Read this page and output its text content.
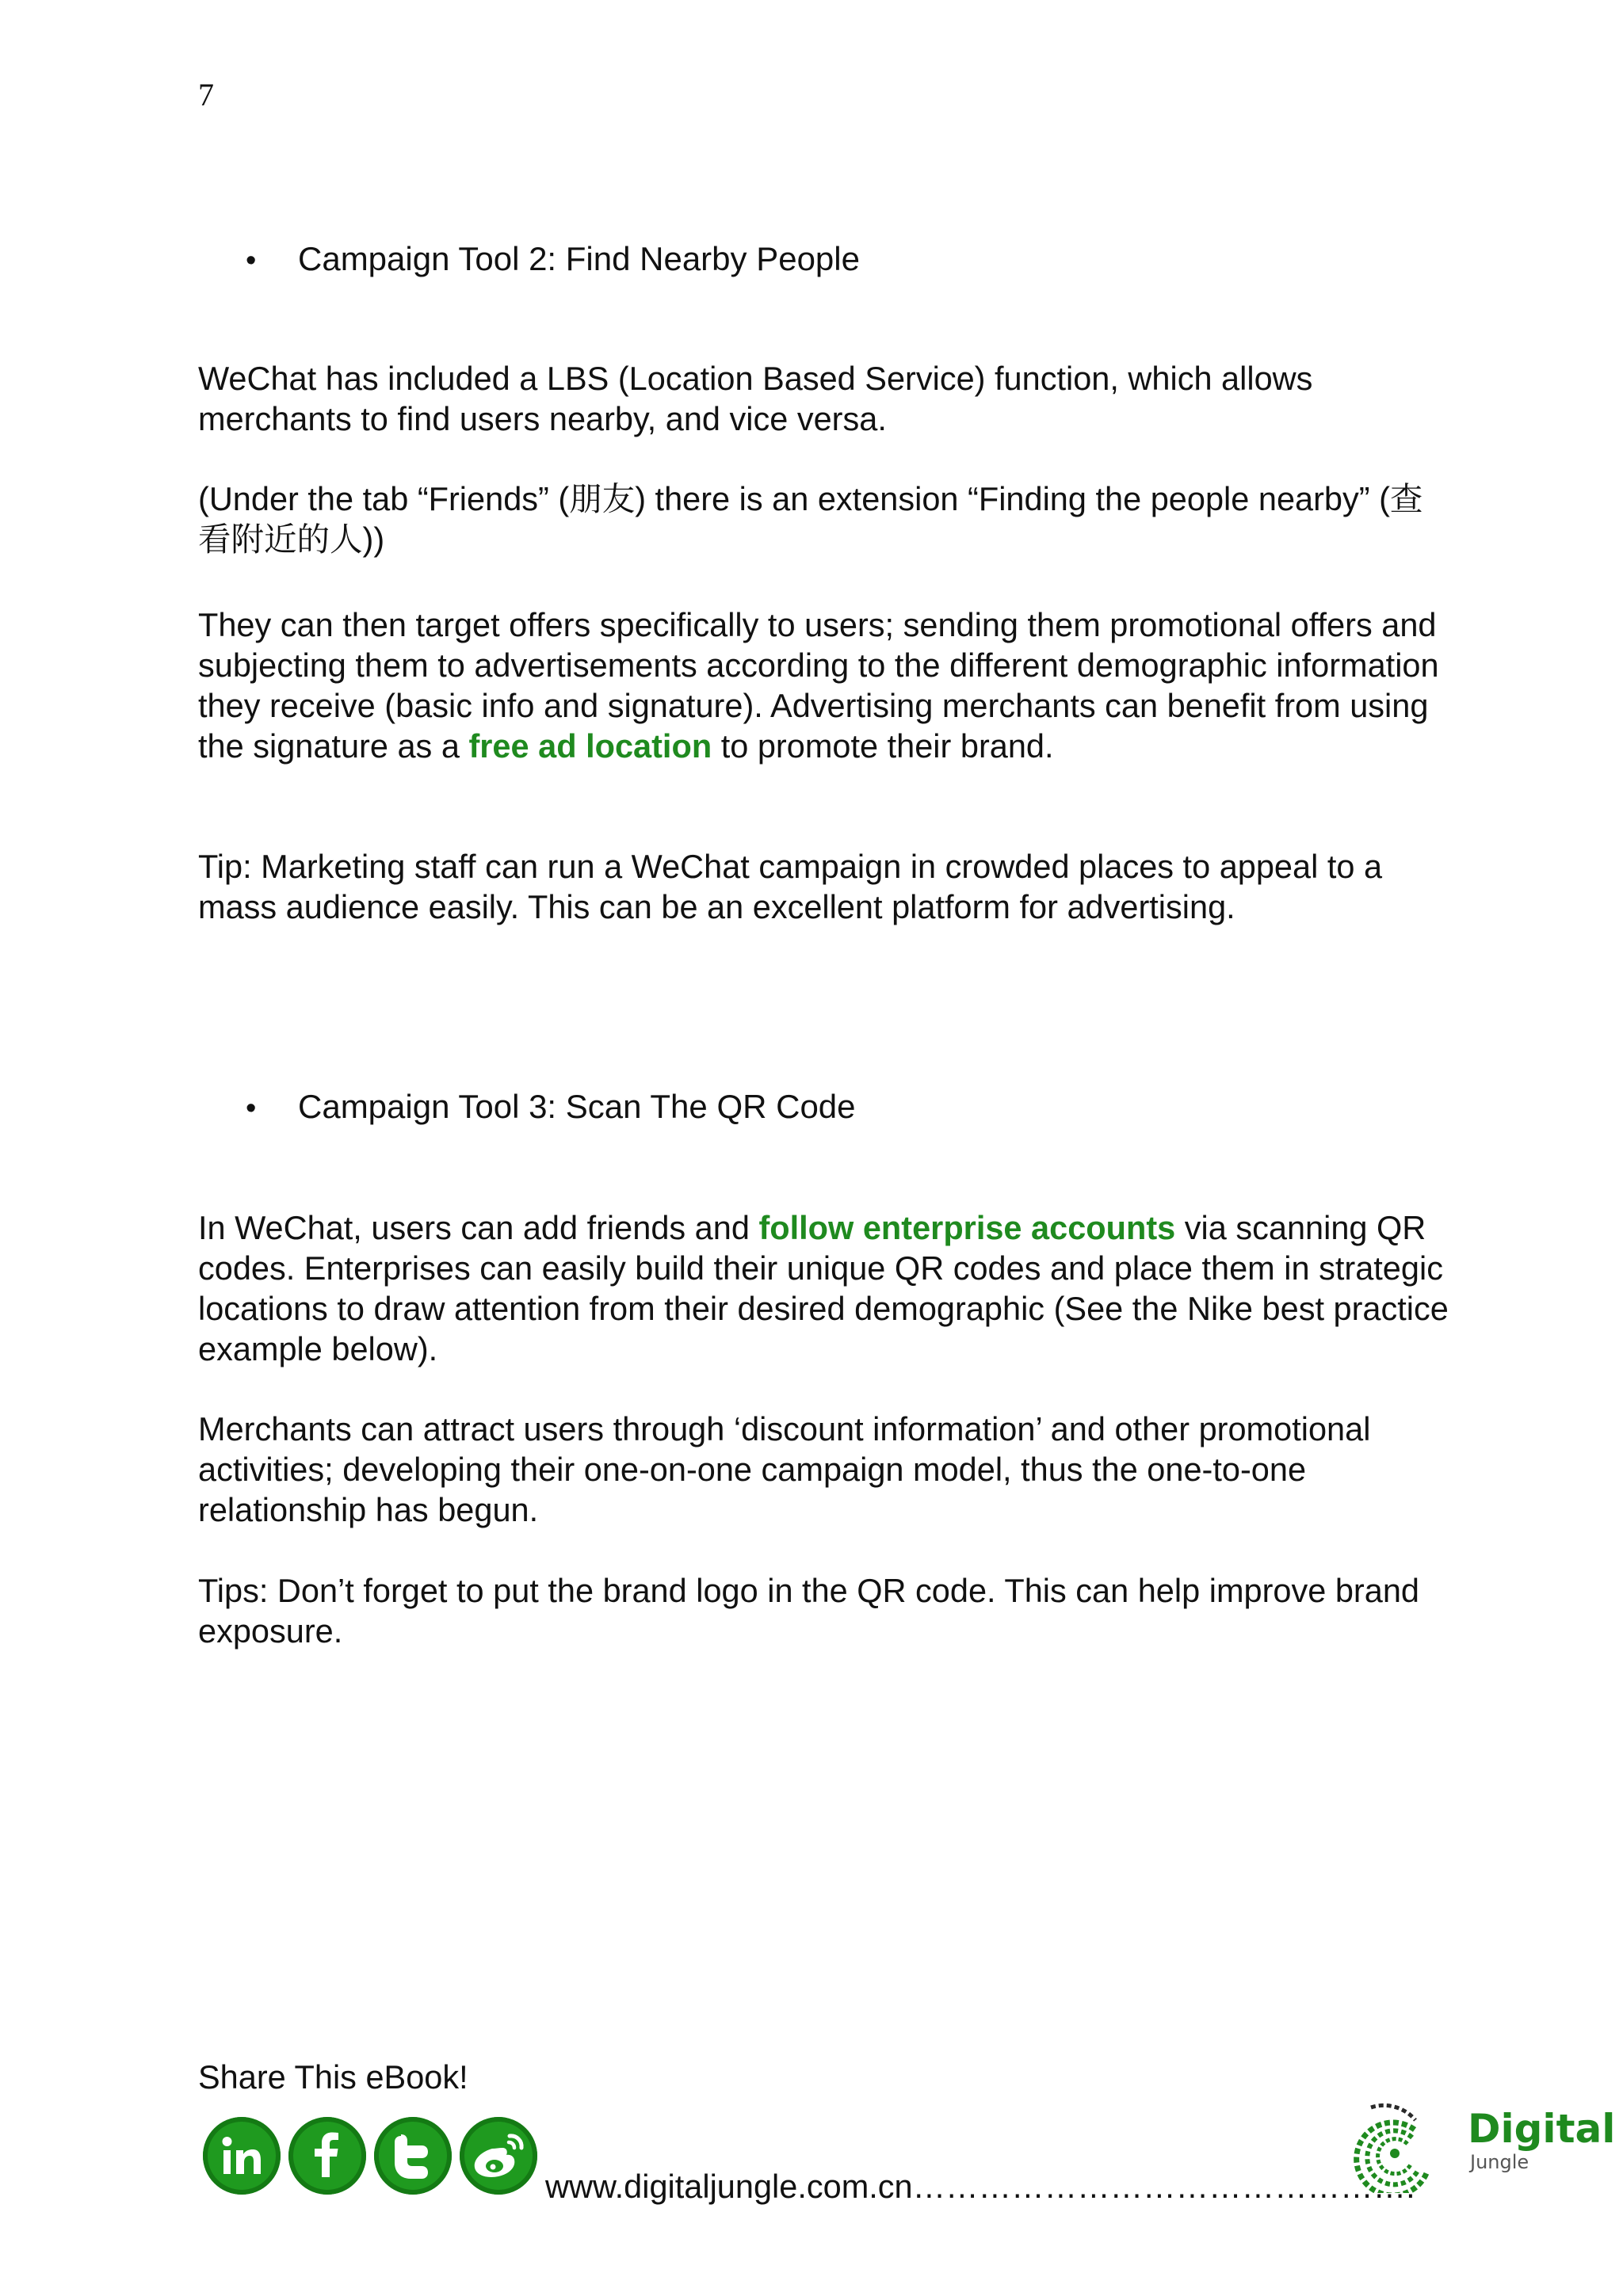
7
•	Campaign Tool 2: Find Nearby People

WeChat has included a LBS (Location Based Service) function, which allows merchants to find users nearby, and vice versa.

(Under the tab “Friends” (朋友) there is an extension “Finding the people nearby” (查看附近的人))

They can then target offers specifically to users; sending them promotional offers and subjecting them to advertisements according to the different demographic information they receive (basic info and signature). Advertising merchants can benefit from using the signature as a free ad location to promote their brand.

Tip: Marketing staff can run a WeChat campaign in crowded places to appeal to a mass audience easily. This can be an excellent platform for advertising.

•	Campaign Tool 3: Scan The QR Code

In WeChat, users can add friends and follow enterprise accounts via scanning QR codes. Enterprises can easily build their unique QR codes and place them in strategic locations to draw attention from their desired demographic (See the Nike best practice example below).

Merchants can attract users through ‘discount information’ and other promotional activities; developing their one-on-one campaign model, thus the one-to-one relationship has begun.

Tips: Don’t forget to put the brand logo in the QR code. This can help improve brand exposure.

Share This eBook!
www.digitaljungle.com.cn……………………………………….
Digital
Jungle
